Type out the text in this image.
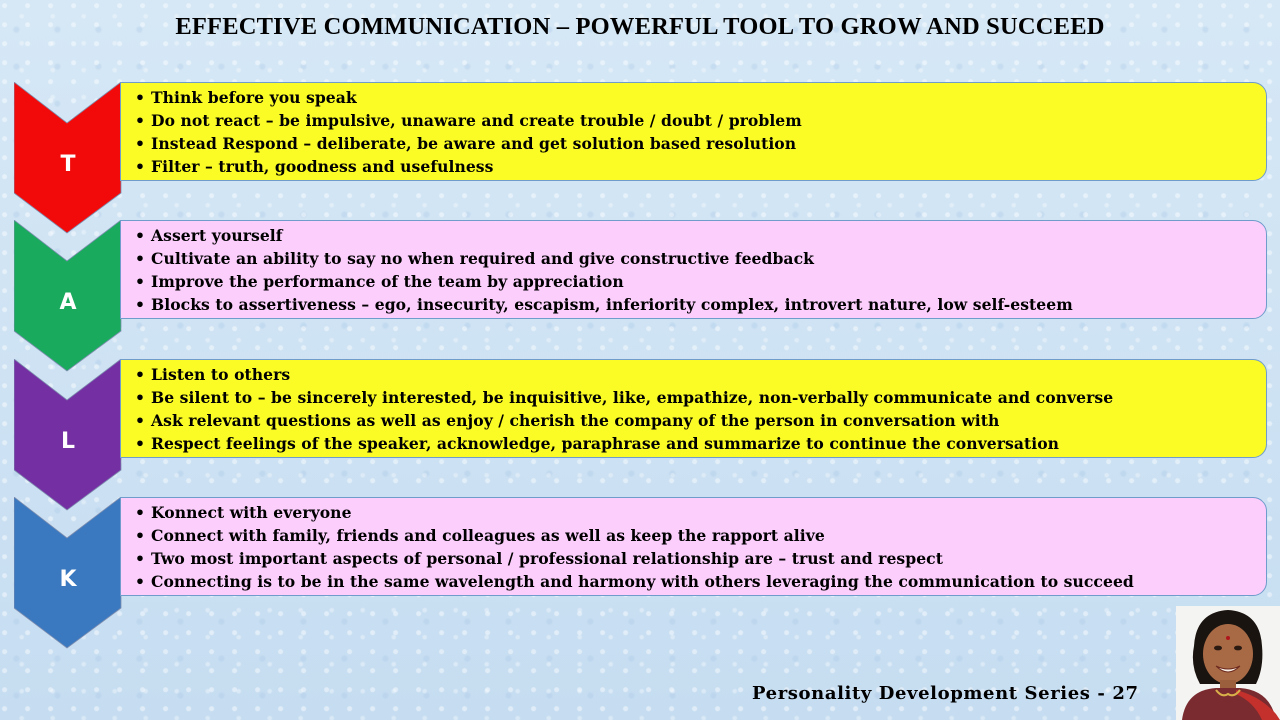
EFFECTIVE COMMUNICATION – POWERFUL TOOL TO GROW AND SUCCEED
T
• Think before you speak
• Do not react – be impulsive, unaware and create trouble / doubt / problem
• Instead Respond – deliberate, be aware and get solution based resolution
• Filter – truth, goodness and usefulness
A
• Assert yourself
• Cultivate an ability to say no when required and give constructive feedback
• Improve the performance of the team by appreciation
• Blocks to assertiveness – ego, insecurity, escapism, inferiority complex, introvert nature, low self-esteem
L
• Listen to others
• Be silent to – be sincerely interested, be inquisitive, like, empathize, non-verbally communicate and converse
• Ask relevant questions as well as enjoy / cherish the company of the person in conversation with
• Respect feelings of the speaker, acknowledge, paraphrase and summarize to continue the conversation
K
• Konnect with everyone
• Connect with family, friends and colleagues as well as keep the rapport alive
• Two most important aspects of personal / professional relationship are – trust and respect
• Connecting is to be in the same wavelength and harmony with others leveraging the communication to succeed
Personality Development Series - 27
